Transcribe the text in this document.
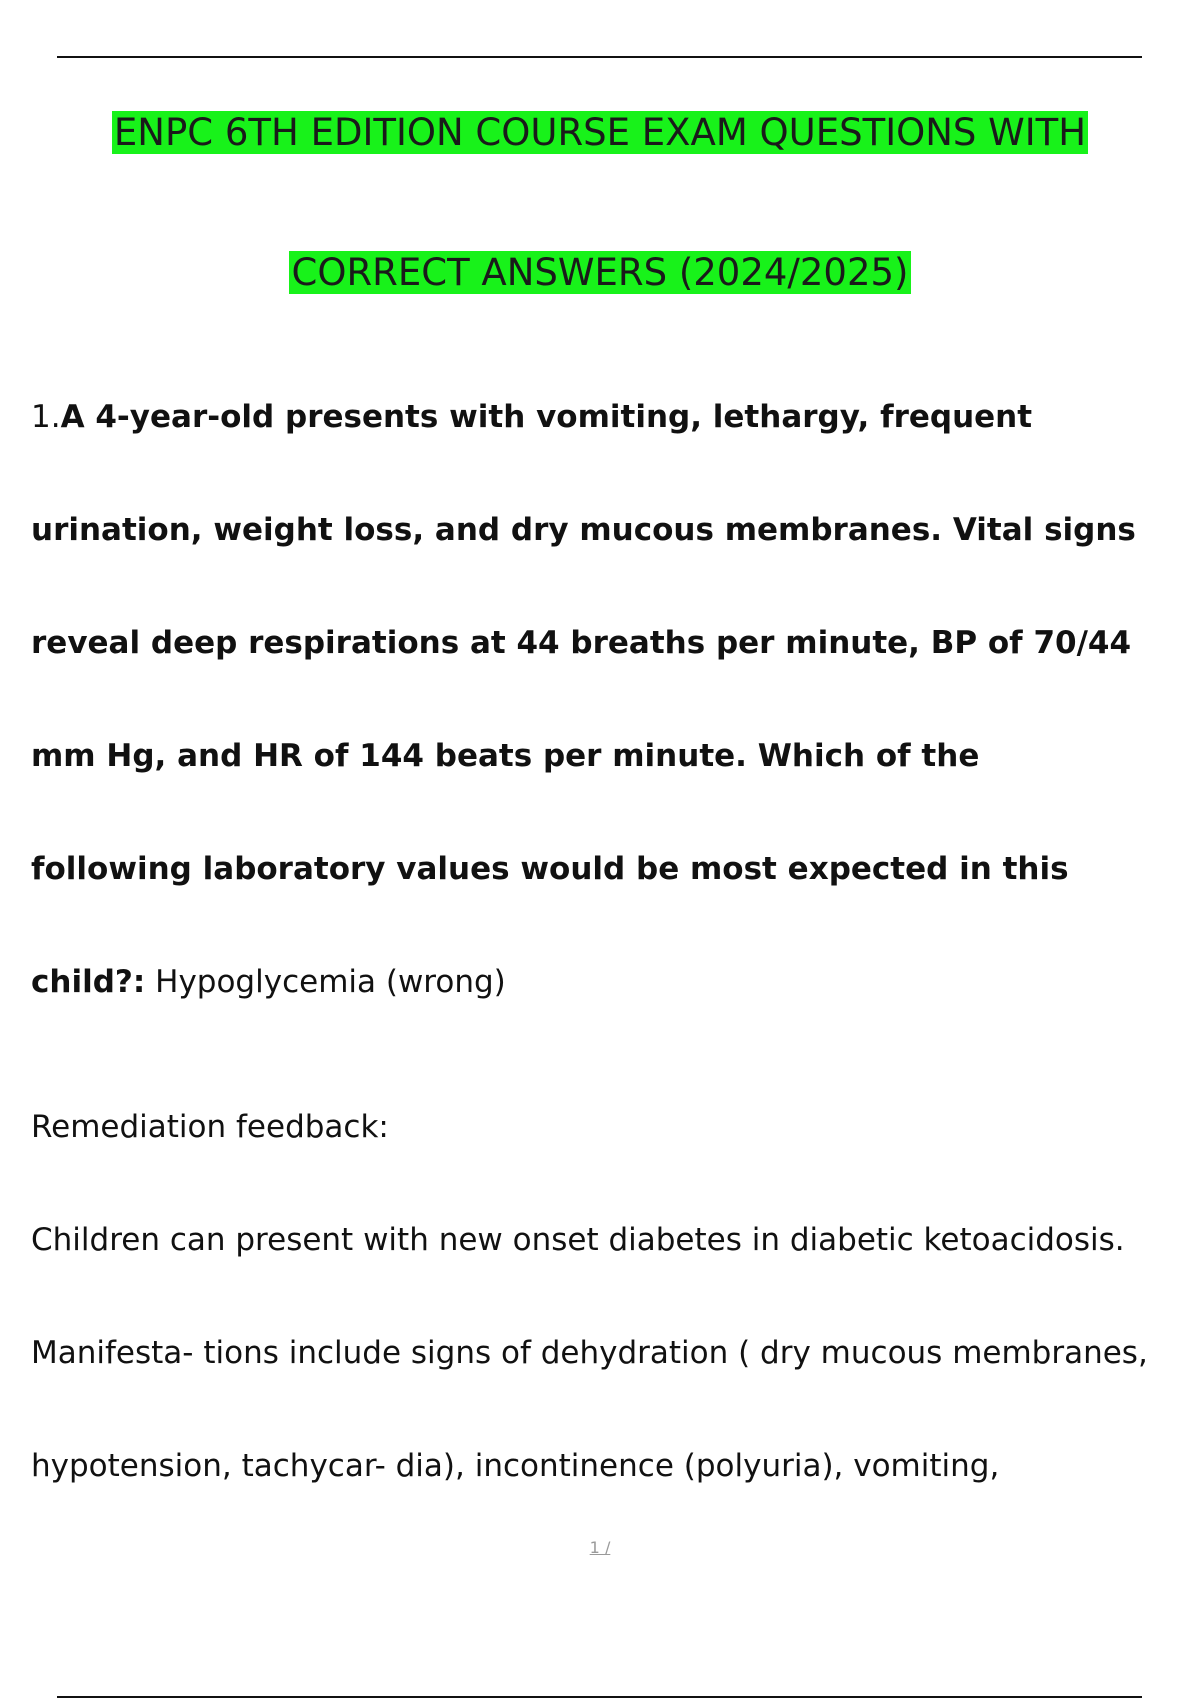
ENPC 6TH EDITION COURSE EXAM QUESTIONS WITH
CORRECT ANSWERS (2024/2025)
1.A 4-year-old presents with vomiting, lethargy, frequent
urination, weight loss, and dry mucous membranes. Vital signs
reveal deep respirations at 44 breaths per minute, BP of 70/44
mm Hg, and HR of 144 beats per minute. Which of the
following laboratory values would be most expected in this
child?: Hypoglycemia (wrong)
Remediation feedback:
Children can present with new onset diabetes in diabetic ketoacidosis.
Manifesta- tions include signs of dehydration ( dry mucous membranes,
hypotension, tachycar- dia), incontinence (polyuria), vomiting,
1 /
